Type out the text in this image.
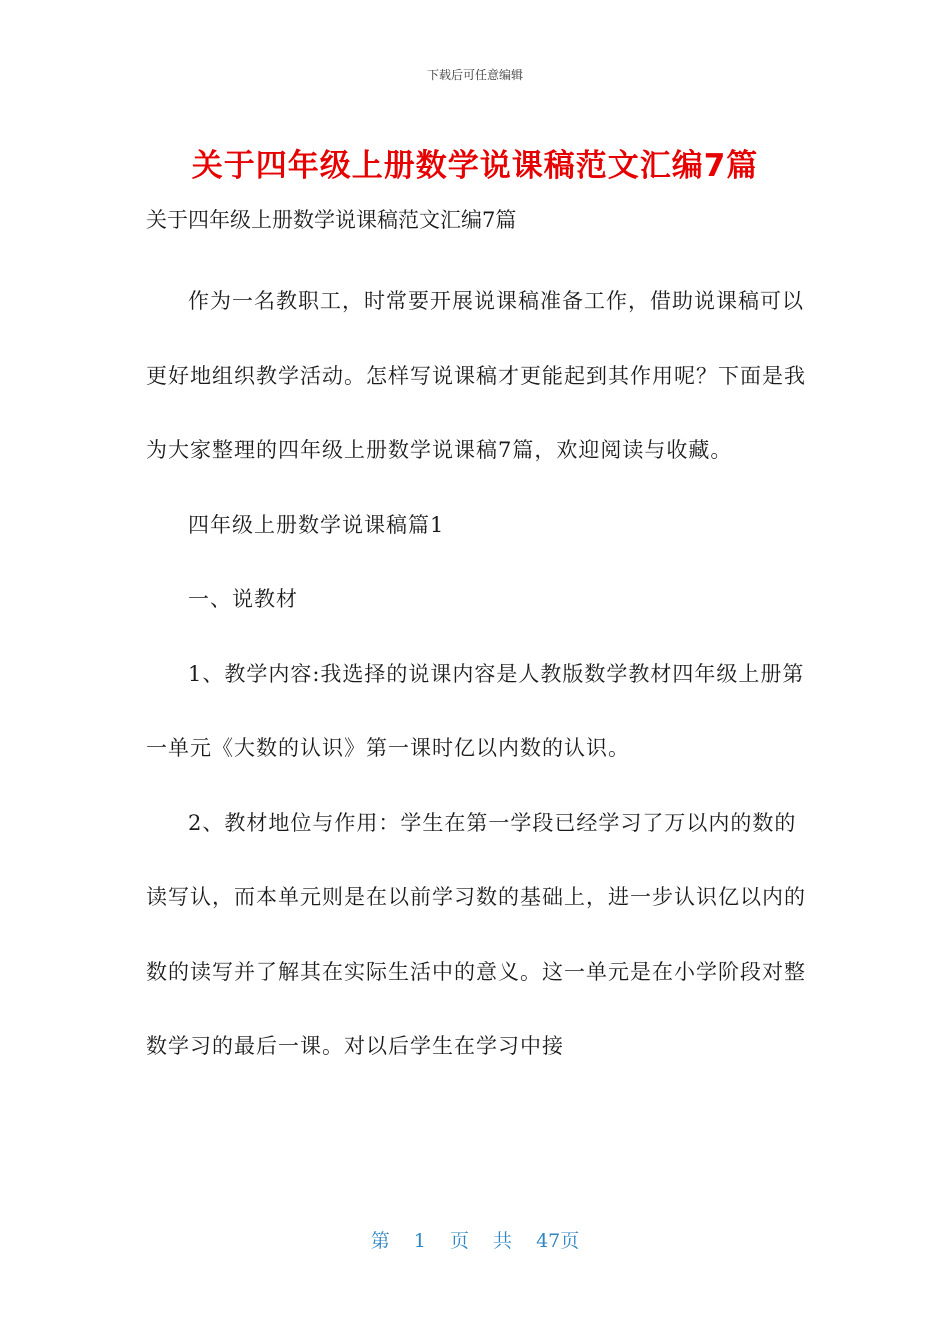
下载后可任意编辑
关于四年级上册数学说课稿范文汇编7篇

关于四年级上册数学说课稿范文汇编7篇

作为一名教职工，时常要开展说课稿准备工作，借助说课稿可以更好地组织教学活动。怎样写说课稿才更能起到其作用呢？下面是我为大家整理的四年级上册数学说课稿7篇，欢迎阅读与收藏。

四年级上册数学说课稿篇1

一、说教材

1、教学内容:我选择的说课内容是人教版数学教材四年级上册第一单元《大数的认识》第一课时亿以内数的认识。

2、教材地位与作用：学生在第一学段已经学习了万以内的数的读写认，而本单元则是在以前学习数的基础上，进一步认识亿以内的数的读写并了解其在实际生活中的意义。这一单元是在小学阶段对整数学习的最后一课。对以后学生在学习中接

第 1 页 共 47页
